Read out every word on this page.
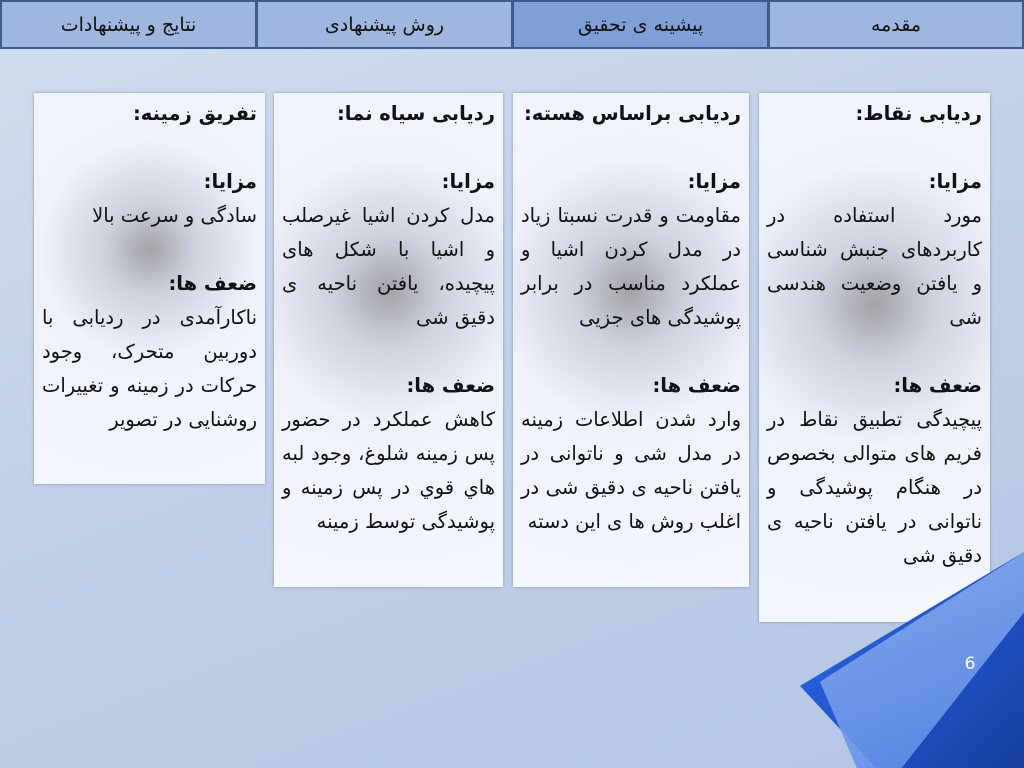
مقدمه
پیشینه ی تحقیق
روش پیشنهادی
نتایج و پیشنهادات
ردیابی نقاط:
مزایا:
مورد استفاده در کاربردهای جنبش شناسی و یافتن وضعیت هندسی شی
ضعف ها:
پیچیدگی تطبیق نقاط در فریم های متوالی بخصوص در هنگام پوشیدگی و ناتوانی در یافتن ناحیه ی دقیق شی
ردیابی براساس هسته:
مزایا:
مقاومت و قدرت نسبتا زیاد در مدل کردن اشیا و عملکرد مناسب در برابر پوشیدگی های جزیی
ضعف ها:
وارد شدن اطلاعات زمینه در مدل شی و ناتوانی در یافتن ناحیه ی دقیق شی در اغلب روش ها ی این دسته
ردیابی سیاه نما:
مزایا:
مدل کردن اشیا غیرصلب و اشیا با شکل های پیچیده، یافتن ناحیه ی دقیق شی
ضعف ها:
کاهش عملکرد در حضور پس زمینه شلوغ، وجود لبه هاي قوي در پس زمینه و پوشیدگی توسط زمینه
تفریق زمینه:
مزایا:
سادگی و سرعت بالا
ضعف ها:
ناکارآمدی در ردیابی با دوربین متحرک، وجود حرکات در زمینه و تغییرات روشنایی در تصویر
6
